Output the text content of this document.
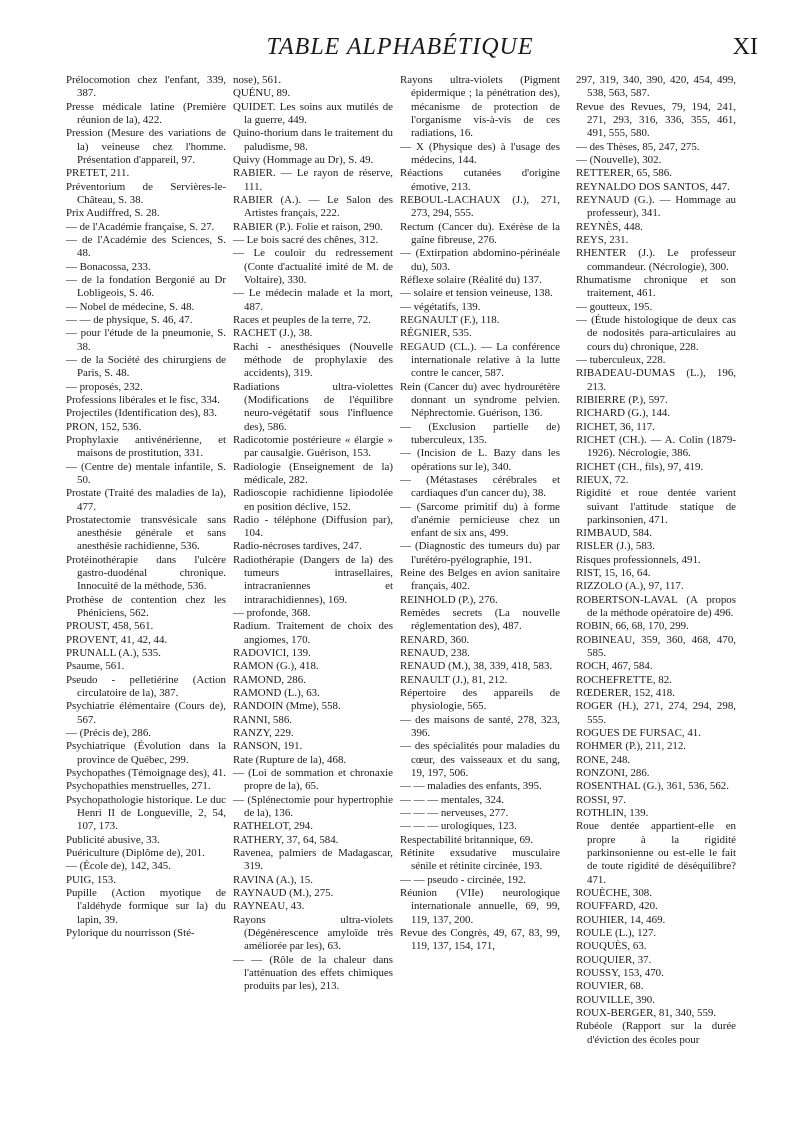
TABLE ALPHABÉTIQUE	XI

Prélocomotion chez l'enfant, 339, 387.

Presse médicale latine (Première réunion de la), 422.

Pression (Mesure des variations de la) veineuse chez l'homme. Présentation d'appareil, 97.

PRETET, 211.

Préventorium de Servières-le-Château, S. 38.

Prix Audiffred, S. 28.

— de l'Académie française, S. 27.

— de l'Académie des Sciences, S. 48.

— Bonacossa, 233.

— de la fondation Bergonié au Dr Lobligeois, S. 46.

— Nobel de médecine, S. 48.

— — de physique, S. 46, 47.

— pour l'étude de la pneumonie, S. 38.

— de la Société des chirurgiens de Paris, S. 48.

— proposés, 232.

Professions libérales et le fisc, 334.

Projectiles (Identification des), 83.

PRON, 152, 536.

Prophylaxie antivénérienne, et maisons de prostitution, 331.

— (Centre de) mentale infantile, S. 50.

Prostate (Traité des maladies de la), 477.

Prostatectomie transvésicale sans anesthésie générale et sans anesthésie rachidienne, 536.

Protéinothérapie dans l'ulcère gastro-duodénal chronique. Innocuité de la méthode, 536.

Prothèse de contention chez les Phéniciens, 562.

PROUST, 458, 561.

PROVENT, 41, 42, 44.

PRUNALL (A.), 535.

Psaume, 561.

Pseudo - pelletiérine (Action circulatoire de la), 387.

Psychiatrie élémentaire (Cours de), 567.

— (Précis de), 286.

Psychiatrique (Évolution dans la province de Québec, 299.

Psychopathes (Témoignage des), 41.

Psychopathies menstruelles, 271.

Psychopathologie historique. Le duc Henri II de Longueville, 2, 54, 107, 173.

Publicité abusive, 33.

Puériculture (Diplôme de), 201.

— (École de), 142, 345.

PUIG, 153.

Pupille (Action myotique de l'aldéhyde formique sur la) du lapin, 39.

Pylorique du nourrisson (Sté-

nose), 561.

QUÉNU, 89.

QUIDET. Les soins aux mutilés de la guerre, 449.

Quino-thorium dans le traitement du paludisme, 98.

Quivy (Hommage au Dr), S. 49.

RABIER. — Le rayon de réserve, 111.

RABIER (A.). — Le Salon des Artistes français, 222.

RABIER (P.). Folie et raison, 290.

— Le bois sacré des chênes, 312.

— Le couloir du redressement (Conte d'actualité imité de M. de Voltaire), 330.

— Le médecin malade et la mort, 487.

Races et peuples de la terre, 72.

RACHET (J.), 38.

Rachi - anesthésiques (Nouvelle méthode de prophylaxie des accidents), 319.

Radiations ultra-violettes (Modifications de l'équilibre neuro-végétatif sous l'influence des), 586.

Radicotomie postérieure « élargie » par causalgie. Guérison, 153.

Radiologie (Enseignement de la) médicale, 282.

Radioscopie rachidienne lipiodolée en position déclive, 152.

Radio - téléphone (Diffusion par), 104.

Radio-nécroses tardives, 247.

Radiothérapie (Dangers de la) des tumeurs intrasellaires, intracraniennes et intrarachidiennes), 169.

— profonde, 368.

Radium. Traitement de choix des angiomes, 170.

RADOVICI, 139.

RAMON (G.), 418.

RAMOND, 286.

RAMOND (L.), 63.

RANDOIN (Mme), 558.

RANNI, 586.

RANZY, 229.

RANSON, 191.

Rate (Rupture de la), 468.

— (Loi de sommation et chronaxie propre de la), 65.

— (Splénectomie pour hypertrophie de la), 136.

RATHELOT, 294.

RATHERY, 37, 64, 584.

Ravenea, palmiers de Madagascar, 319.

RAVINA (A.), 15.

RAYNAUD (M.), 275.

RAYNEAU, 43.

Rayons ultra-violets (Dégénérescence amyloïde très améliorée par les), 63.

— — (Rôle de la chaleur dans l'atténuation des effets chimiques produits par les), 213.

Rayons ultra-violets (Pigment épidermique ; la pénétration des), mécanisme de protection de l'organisme vis-à-vis de ces radiations, 16.

— X (Physique des) à l'usage des médecins, 144.

Réactions cutanées d'origine émotive, 213.

REBOUL-LACHAUX (J.), 271, 273, 294, 555.

Rectum (Cancer du). Exérèse de la gaîne fibreuse, 276.

— (Extirpation abdomino-périnéale du), 503.

Réflexe solaire (Réalité du) 137.

— solaire et tension veineuse, 138.

— végétatifs, 139.

REGNAULT (F.), 118.

RÉGNIER, 535.

REGAUD (CL.). — La conférence internationale relative à la lutte contre le cancer, 587.

Rein (Cancer du) avec hydrourétère donnant un syndrome pelvien. Néphrectomie. Guérison, 136.

— (Exclusion partielle de) tuberculeux, 135.

— (Incision de L. Bazy dans les opérations sur le), 340.

— (Métastases cérébrales et cardiaques d'un cancer du), 38.

— (Sarcome primitif du) à forme d'anémie pernicieuse chez un enfant de six ans, 499.

— (Diagnostic des tumeurs du) par l'urétéro-pyélographie, 191.

Reine des Belges en avion sanitaire français, 402.

REINHOLD (P.), 276.

Remèdes secrets (La nouvelle réglementation des), 487.

RENARD, 360.

RENAUD, 238.

RENAUD (M.), 38, 339, 418, 583.

RENAULT (J.), 81, 212.

Répertoire des appareils de physiologie, 565.

— des maisons de santé, 278, 323, 396.

— des spécialités pour maladies du cœur, des vaisseaux et du sang, 19, 197, 506.

— — maladies des enfants, 395.

— — — mentales, 324.

— — — nerveuses, 277.

— — — urologiques, 123.

Respectabilité britannique, 69.

Rétinite exsudative musculaire sénile et rétinite circinée, 193.

— — pseudo - circinée, 192.

Réunion (VIIe) neurologique internationale annuelle, 69, 99, 119, 137, 200.

Revue des Congrès, 49, 67, 83, 99, 119, 137, 154, 171,

297, 319, 340, 390, 420, 454, 499, 538, 563, 587.

Revue des Revues, 79, 194, 241, 271, 293, 316, 336, 355, 461, 491, 555, 580.

— des Thèses, 85, 247, 275.

— (Nouvelle), 302.

RETTERER, 65, 586.

REYNALDO DOS SANTOS, 447.

REYNAUD (G.). — Hommage au professeur), 341.

REYNÈS, 448.

REYS, 231.

RHENTER (J.). Le professeur commandeur. (Nécrologie), 300.

Rhumatisme chronique et son traitement, 461.

— goutteux, 195.

— (Étude histologique de deux cas de nodosités para-articulaires au cours du) chronique, 228.

— tuberculeux, 228.

RIBADEAU-DUMAS (L.), 196, 213.

RIBIERRE (P.), 597.

RICHARD (G.), 144.

RICHET, 36, 117.

RICHET (CH.). — A. Colin (1879-1926). Nécrologie, 386.

RICHET (CH., fils), 97, 419.

RIEUX, 72.

Rigidité et roue dentée varient suivant l'attitude statique de parkinsonien, 471.

RIMBAUD, 584.

RISLER (J.), 583.

Risques professionnels, 491.

RIST, 15, 16, 64.

RIZZOLO (A.), 97, 117.

ROBERTSON-LAVAL (A propos de la méthode opératoire de) 496.

ROBIN, 66, 68, 170, 299.

ROBINEAU, 359, 360, 468, 470, 585.

ROCH, 467, 584.

ROCHEFRETTE, 82.

RŒDERER, 152, 418.

ROGER (H.), 271, 274, 294, 298, 555.

ROGUES DE FURSAC, 41.

ROHMER (P.), 211, 212.

RONE, 248.

RONZONI, 286.

ROSENTHAL (G.), 361, 536, 562.

ROSSI, 97.

ROTHLIN, 139.

Roue dentée appartient-elle en propre à la rigidité parkinsonienne ou est-elle le fait de toute rigidité de déséquilibre? 471.

ROUÈCHE, 308.

ROUFFARD, 420.

ROUHIER, 14, 469.

ROULE (L.), 127.

ROUQUÈS, 63.

ROUQUIER, 37.

ROUSSY, 153, 470.

ROUVIER, 68.

ROUVILLE, 390.

ROUX-BERGER, 81, 340, 559.

Rubéole (Rapport sur la durée d'éviction des écoles pour
